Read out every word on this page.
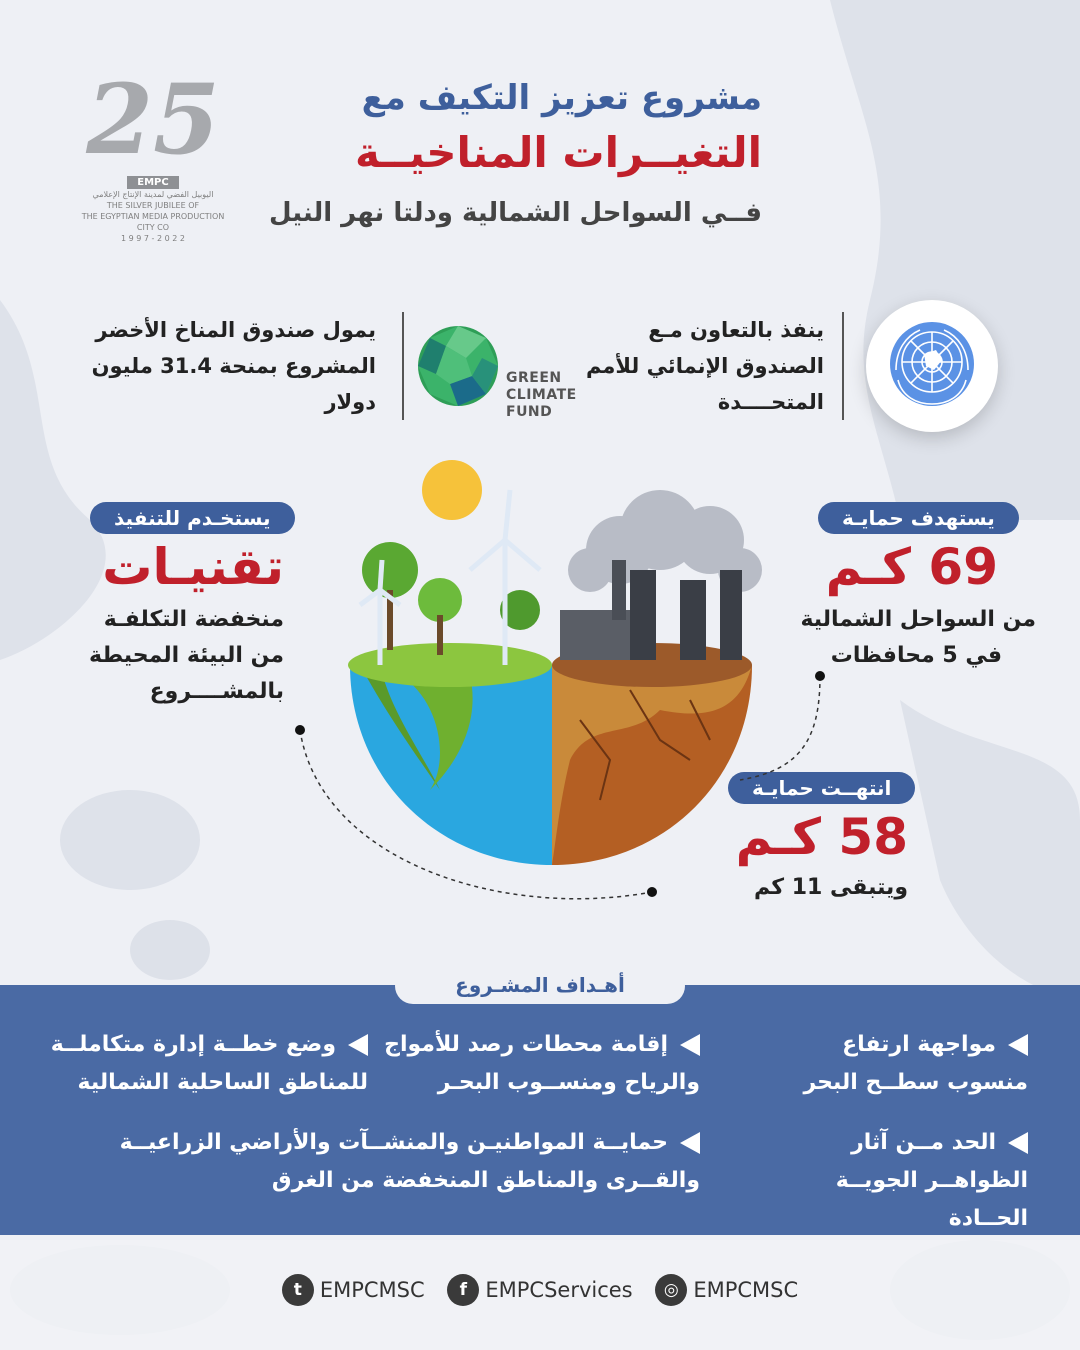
25
EMPC
اليوبيل الفضي لمدينة الإنتاج الإعلامي
THE SILVER JUBILEE OF
THE EGYPTIAN MEDIA PRODUCTION CITY CO
1 9 9 7 - 2 0 2 2
مشروع تعزيز التكيف مع
التغيــرات المناخيــة
فــي السواحل الشمالية ودلتا نهر النيل
ينفذ بالتعاون مـع الصندوق الإنمائي للأمم المتحــــدة
GREEN
CLIMATE
FUND
يمول صندوق المناخ الأخضر المشروع بمنحة 31.4 مليون دولار
يستهدف حمايـة
69 كـم
من السواحل الشمالية
في 5 محافظات
انتهــت حمايـة
58 كـم
ويتبقى 11 كم
يستخـدم للتنفيذ
تقنيـات
منخفضة التكلفـة
من البيئة المحيطة
بالمشــــروع
أهـداف المشـروع
مواجهة ارتفاع منسوب سطــح البحر
إقامة محطات رصد للأمواج والرياح ومنســوب البحـر
وضع خطــة إدارة متكاملــة للمناطق الساحلية الشمالية
الحد مــن آثار الظواهــر الجويــة الحــادة
حمايــة المواطنيـن والمنشــآت والأراضي الزراعيــة والقــرى والمناطق المنخفضة من الغرق
t EMPCMSC
	f EMPCServices
	◎ EMPCMSC
